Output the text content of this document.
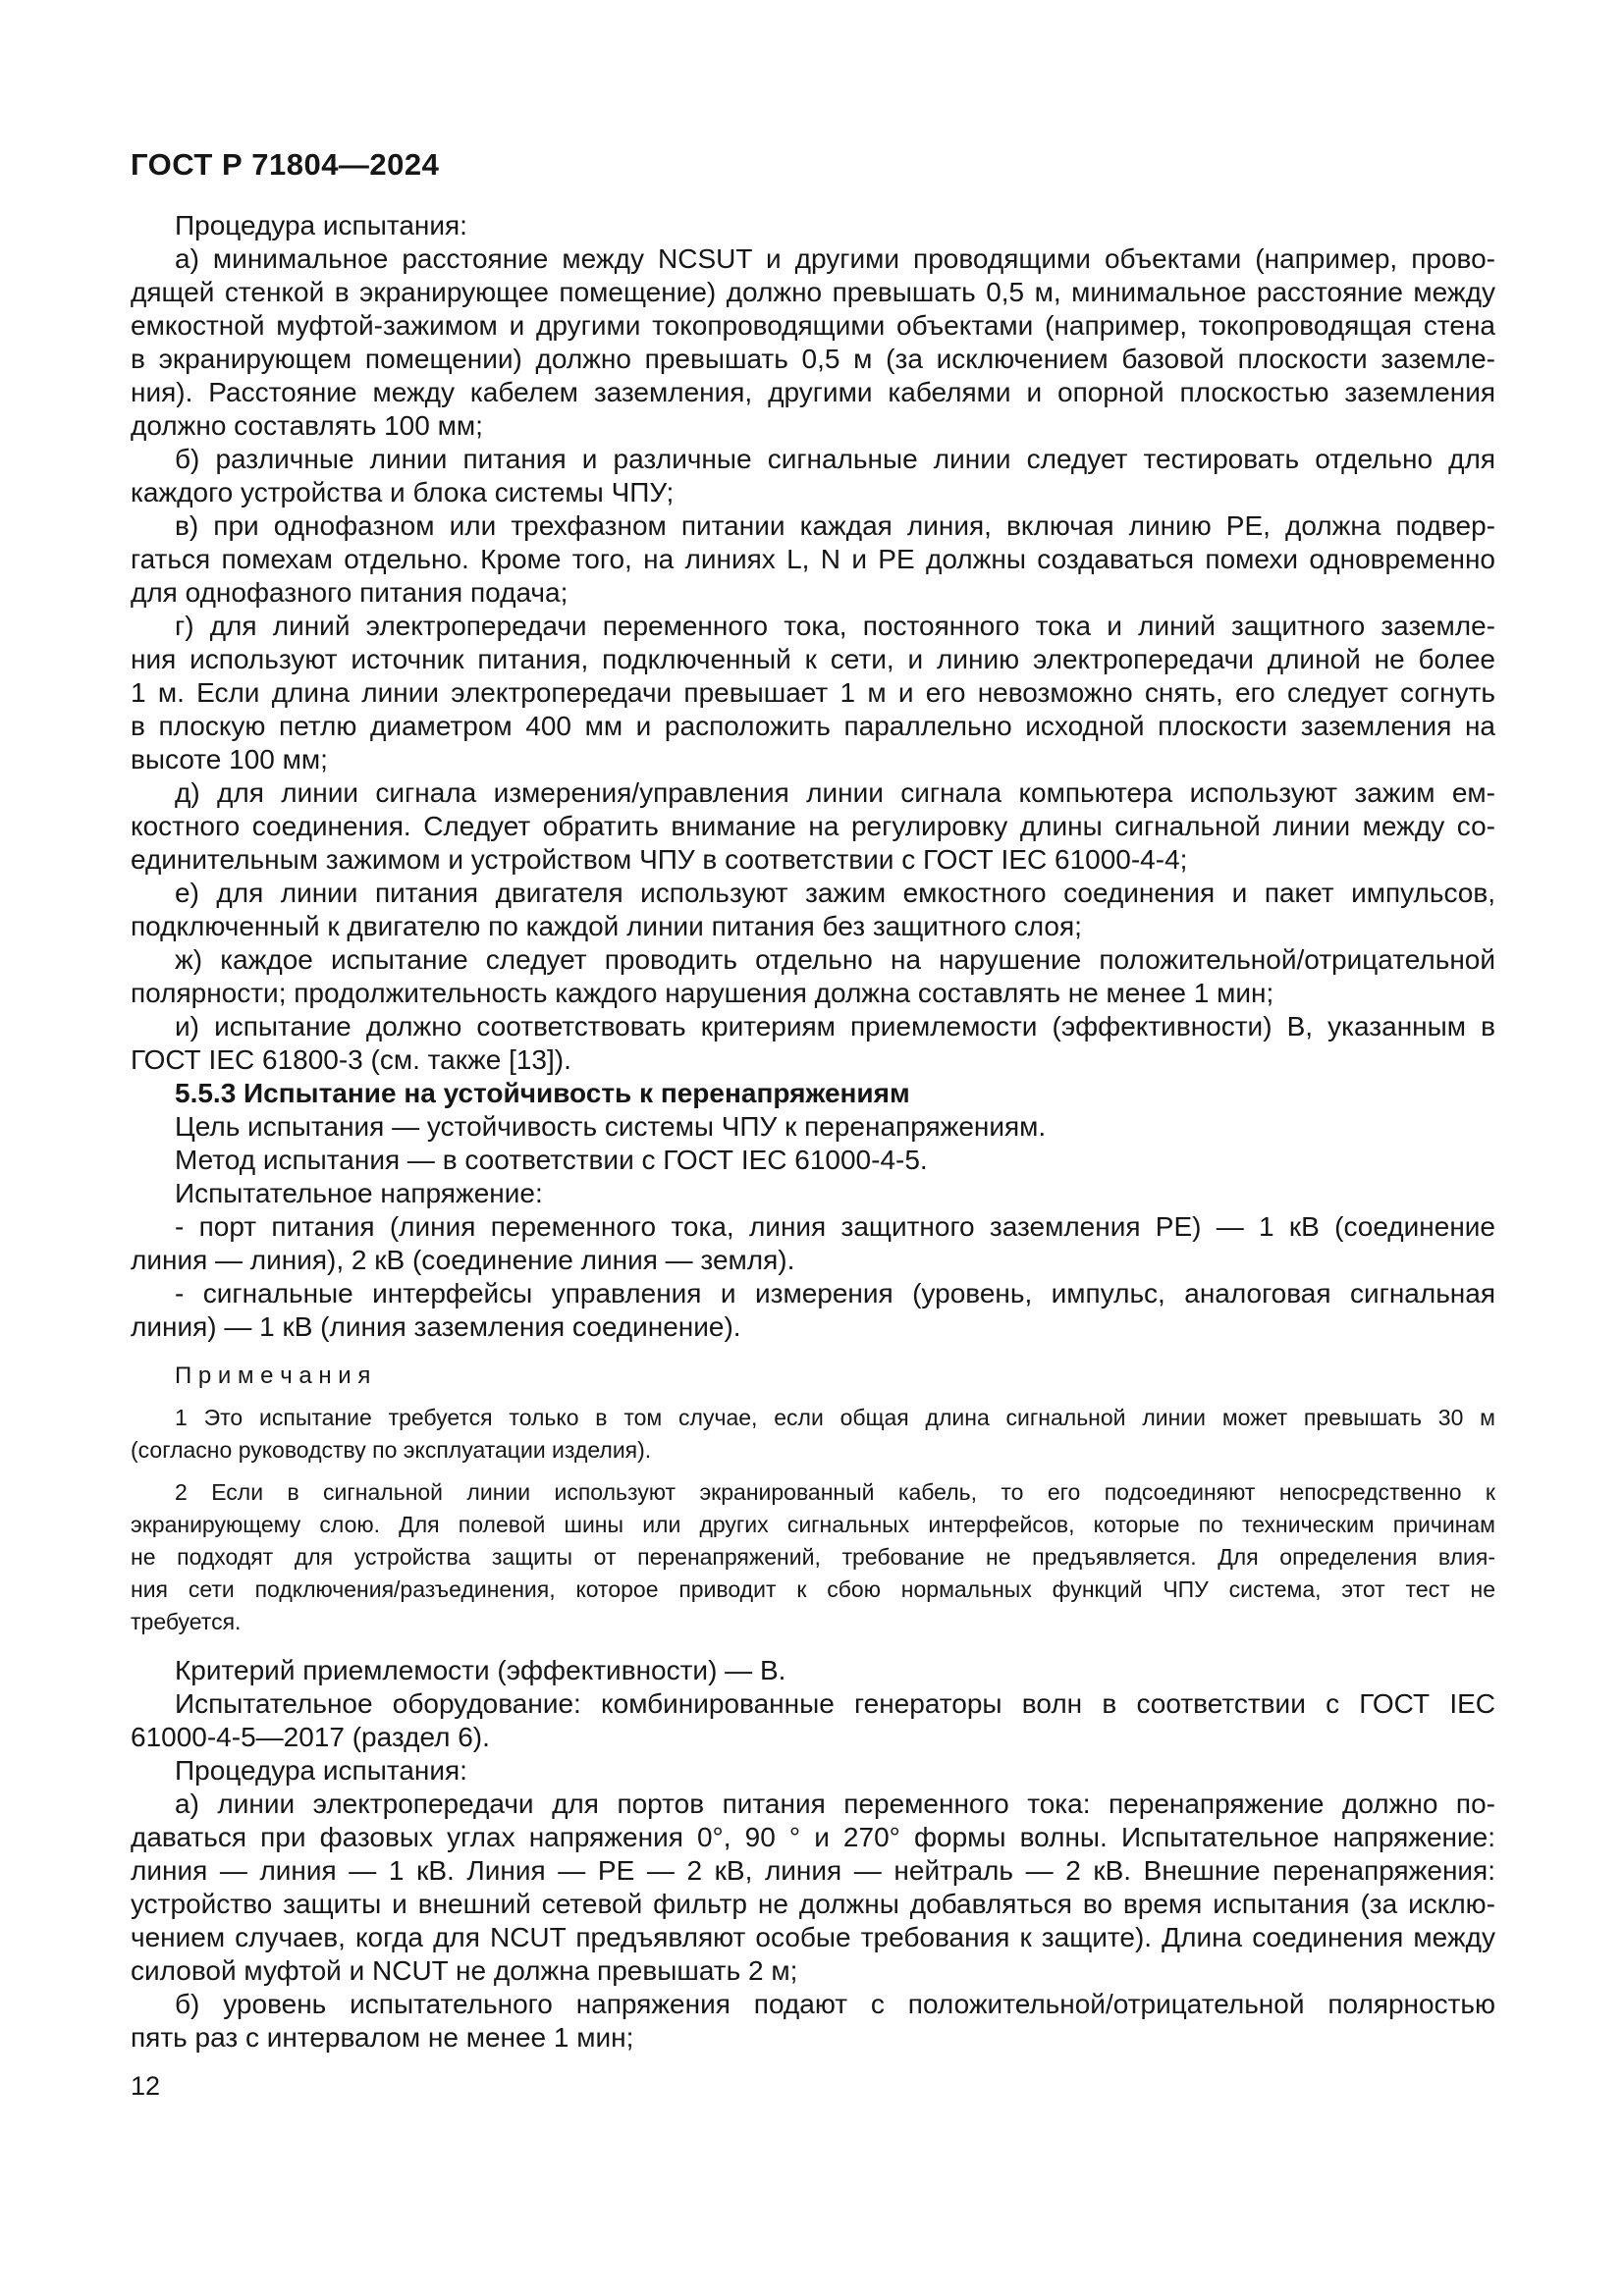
ГОСТ Р 71804—2024
Процедура испытания:
а) минимальное расстояние между NCSUT и другими проводящими объектами (например, прово-
дящей стенкой в экранирующее помещение) должно превышать 0,5 м, минимальное расстояние между
емкостной муфтой-зажимом и другими токопроводящими объектами (например, токопроводящая стена
в экранирующем помещении) должно превышать 0,5 м (за исключением базовой плоскости заземле-
ния). Расстояние между кабелем заземления, другими кабелями и опорной плоскостью заземления
должно составлять 100 мм;
б) различные линии питания и различные сигнальные линии следует тестировать отдельно для
каждого устройства и блока системы ЧПУ;
в) при однофазном или трехфазном питании каждая линия, включая линию PE, должна подвер-
гаться помехам отдельно. Кроме того, на линиях L, N и PE должны создаваться помехи одновременно
для однофазного питания подача;
г) для линий электропередачи переменного тока, постоянного тока и линий защитного заземле-
ния используют источник питания, подключенный к сети, и линию электропередачи длиной не более
1 м. Если длина линии электропередачи превышает 1 м и его невозможно снять, его следует согнуть
в плоскую петлю диаметром 400 мм и расположить параллельно исходной плоскости заземления на
высоте 100 мм;
д) для линии сигнала измерения/управления линии сигнала компьютера используют зажим ем-
костного соединения. Следует обратить внимание на регулировку длины сигнальной линии между со-
единительным зажимом и устройством ЧПУ в соответствии с ГОСТ IEC 61000-4-4;
е) для линии питания двигателя используют зажим емкостного соединения и пакет импульсов,
подключенный к двигателю по каждой линии питания без защитного слоя;
ж) каждое испытание следует проводить отдельно на нарушение положительной/отрицательной
полярности; продолжительность каждого нарушения должна составлять не менее 1 мин;
и) испытание должно соответствовать критериям приемлемости (эффективности) В, указанным в
ГОСТ IEC 61800-3 (см. также [13]).
5.5.3 Испытание на устойчивость к перенапряжениям
Цель испытания — устойчивость системы ЧПУ к перенапряжениям.
Метод испытания — в соответствии с ГОСТ IEC 61000-4-5.
Испытательное напряжение:
- порт питания (линия переменного тока, линия защитного заземления PE) — 1 кВ (соединение
линия — линия), 2 кВ (соединение линия — земля).
- сигнальные интерфейсы управления и измерения (уровень, импульс, аналоговая сигнальная
линия) — 1 кВ (линия заземления соединение).
П р и м е ч а н и я
1 Это испытание требуется только в том случае, если общая длина сигнальной линии может превышать 30 м
(согласно руководству по эксплуатации изделия).
2 Если в сигнальной линии используют экранированный кабель, то его подсоединяют непосредственно к
экранирующему слою. Для полевой шины или других сигнальных интерфейсов, которые по техническим причинам
не подходят для устройства защиты от перенапряжений, требование не предъявляется. Для определения влия-
ния сети подключения/разъединения, которое приводит к сбою нормальных функций ЧПУ система, этот тест не
требуется.
Критерий приемлемости (эффективности) — В.
Испытательное оборудование: комбинированные генераторы волн в соответствии с ГОСТ IEC
61000-4-5—2017 (раздел 6).
Процедура испытания:
а) линии электропередачи для портов питания переменного тока: перенапряжение должно по-
даваться при фазовых углах напряжения 0°, 90 ° и 270° формы волны. Испытательное напряжение:
линия — линия — 1 кВ. Линия — PE — 2 кВ, линия — нейтраль — 2 кВ. Внешние перенапряжения:
устройство защиты и внешний сетевой фильтр не должны добавляться во время испытания (за исклю-
чением случаев, когда для NCUT предъявляют особые требования к защите). Длина соединения между
силовой муфтой и NCUT не должна превышать 2 м;
б) уровень испытательного напряжения подают с положительной/отрицательной полярностью
пять раз с интервалом не менее 1 мин;
12
